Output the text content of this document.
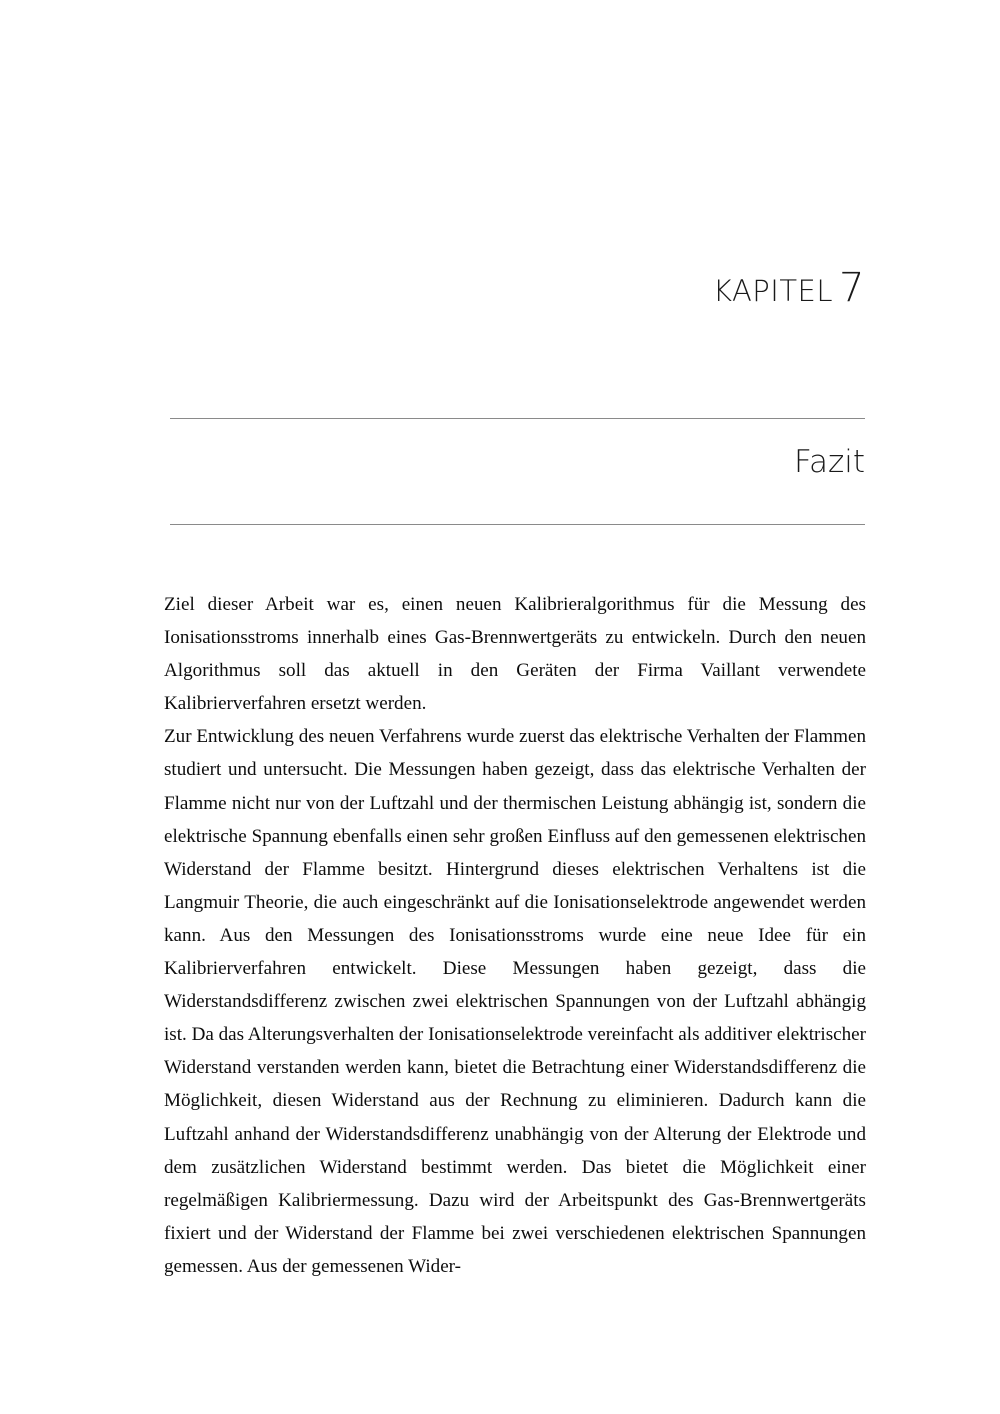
KAPITEL 7
Fazit

Ziel dieser Arbeit war es, einen neuen Kalibrieralgorithmus für die Messung des Ionisationsstroms innerhalb eines Gas-Brennwertgeräts zu entwickeln. Durch den neuen Algorithmus soll das aktuell in den Geräten der Firma Vaillant verwendete Kalibrierverfahren ersetzt werden.

Zur Entwicklung des neuen Verfahrens wurde zuerst das elektrische Verhalten der Flammen studiert und untersucht. Die Messungen haben gezeigt, dass das elektrische Verhalten der Flamme nicht nur von der Luftzahl und der thermischen Leistung abhängig ist, sondern die elektrische Spannung ebenfalls einen sehr großen Einfluss auf den gemessenen elektrischen Widerstand der Flamme besitzt. Hintergrund dieses elektrischen Verhaltens ist die Langmuir Theorie, die auch eingeschränkt auf die Ionisationselektrode angewendet werden kann. Aus den Messungen des Ionisationsstroms wurde eine neue Idee für ein Kalibrierverfahren entwickelt. Diese Messungen haben gezeigt, dass die Widerstandsdifferenz zwischen zwei elektrischen Spannungen von der Luftzahl abhängig ist. Da das Alterungsverhalten der Ionisationselektrode vereinfacht als additiver elektrischer Widerstand verstanden werden kann, bietet die Betrachtung einer Widerstandsdifferenz die Möglichkeit, diesen Widerstand aus der Rechnung zu eliminieren. Dadurch kann die Luftzahl anhand der Widerstandsdifferenz unabhängig von der Alterung der Elektrode und dem zusätzlichen Widerstand bestimmt werden. Das bietet die Möglichkeit einer regelmäßigen Kalibriermessung. Dazu wird der Arbeitspunkt des Gas-Brennwertgeräts fixiert und der Widerstand der Flamme bei zwei verschiedenen elektrischen Spannungen gemessen. Aus der gemessenen Wider-
